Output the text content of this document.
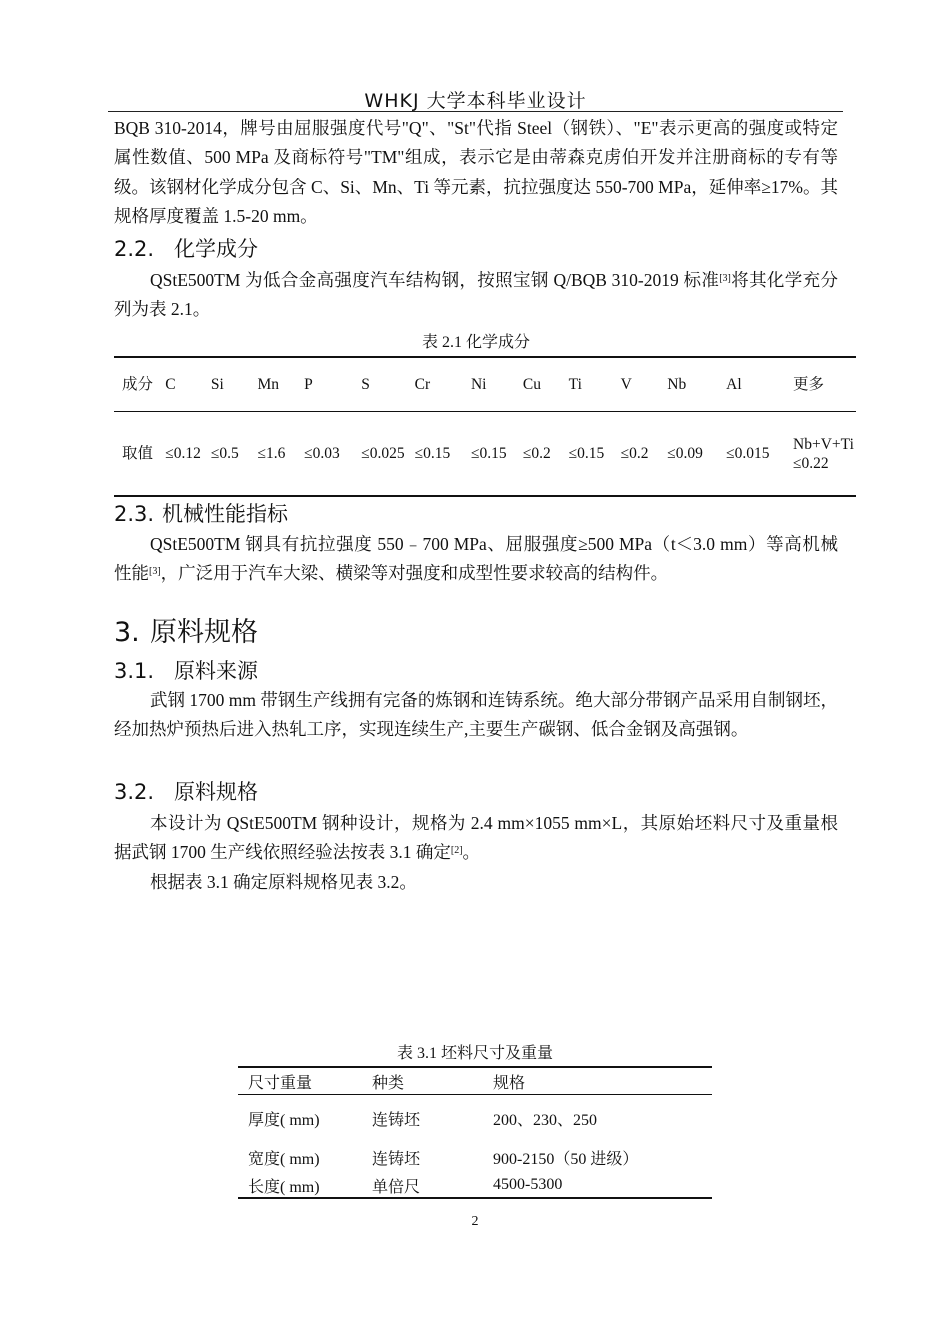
WHKJ 大学本科毕业设计
BQB 310-2014，牌号由屈服强度代号"Q"、"St"代指 Steel（钢铁）、"E"表示更高的强度或特定属性数值、500 MPa 及商标符号"TM"组成，表示它是由蒂森克虏伯开发并注册商标的专有等级。该钢材化学成分包含 C、Si、Mn、Ti 等元素，抗拉强度达 550-700 MPa，延伸率≥17%。其规格厚度覆盖 1.5-20 mm。
2.2. 化学成分
QStE500TM 为低合金高强度汽车结构钢，按照宝钢 Q/BQB 310-2019 标准[3]将其化学充分列为表 2.1。
表 2.1 化学成分
成分	C	Si	Mn	P	S	Cr	Ni	Cu	Ti	V	Nb	Al	更多
取值	≤0.12	≤0.5	≤1.6	≤0.03	≤0.025	≤0.15	≤0.15	≤0.2	≤0.15	≤0.2	≤0.09	≤0.015	Nb+V+Ti ≤0.22
2.3. 机械性能指标
QStE500TM 钢具有抗拉强度 550﹣700 MPa、屈服强度≥500 MPa（t＜3.0 mm）等高机械性能[3]，广泛用于汽车大梁、横梁等对强度和成型性要求较高的结构件。
3. 原料规格
3.1. 原料来源
武钢 1700 mm 带钢生产线拥有完备的炼钢和连铸系统。绝大部分带钢产品采用自制钢坯，经加热炉预热后进入热轧工序，实现连续生产,主要生产碳钢、低合金钢及高强钢。
3.2. 原料规格
本设计为 QStE500TM 钢种设计，规格为 2.4 mm×1055 mm×L，其原始坯料尺寸及重量根据武钢 1700 生产线依照经验法按表 3.1 确定[2]。
根据表 3.1 确定原料规格见表 3.2。
表 3.1 坯料尺寸及重量
尺寸重量	种类	规格
厚度( mm)	连铸坯	200、230、250
宽度( mm)	连铸坯	900-2150（50 进级）
长度( mm)	单倍尺	4500-5300
2
